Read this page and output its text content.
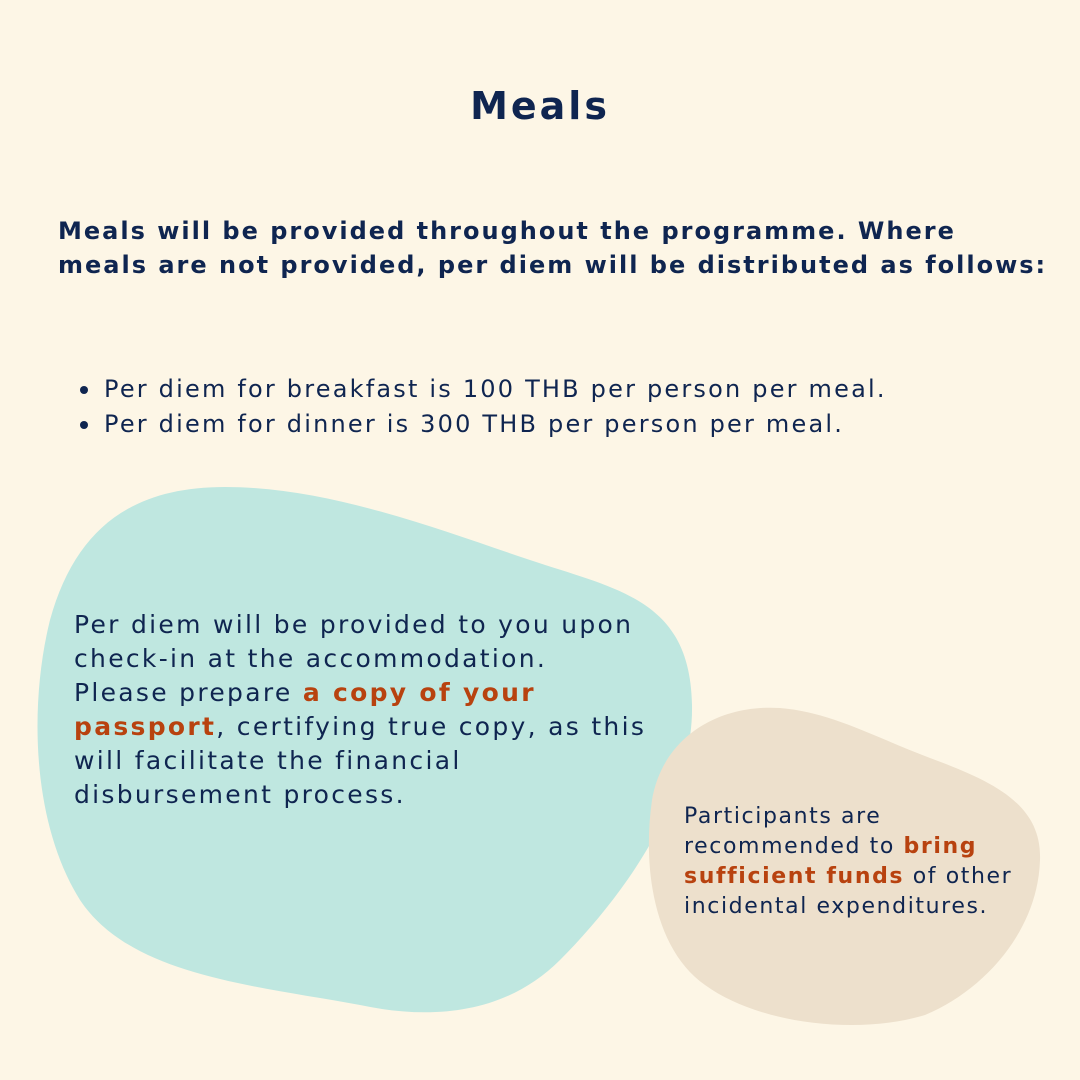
Meals

Meals will be provided throughout the programme. Where
meals are not provided, per diem will be distributed as follows:

Per diem for breakfast is 100 THB per person per meal.
Per diem for dinner is 300 THB per person per meal.

Per diem will be provided to you upon
check-in at the accommodation.
Please prepare a copy of your
passport, certifying true copy, as this
will facilitate the financial
disbursement process.

Participants are
recommended to bring
sufficient funds of other
incidental expenditures.
